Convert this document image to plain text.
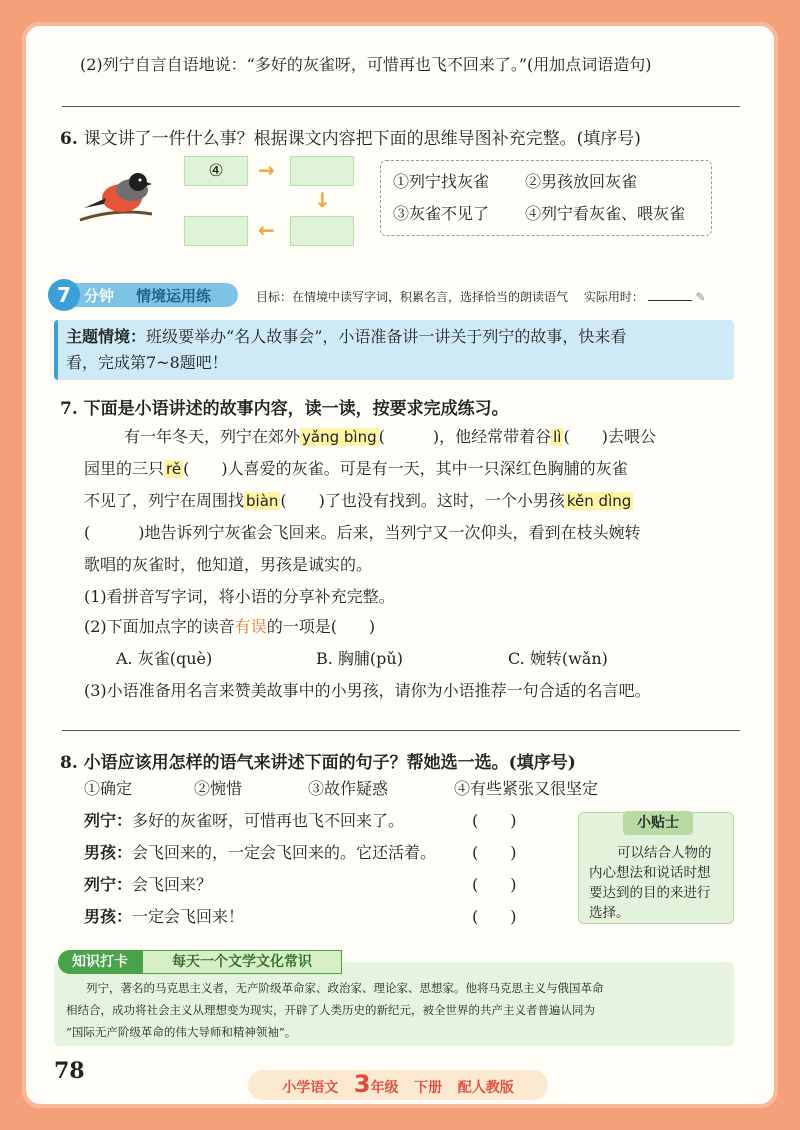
(2)列宁自言自语地说：“多好的灰雀呀，可惜再也飞不回来了。”(用加点词语造句)
6. 课文讲了一件什么事？根据课文内容把下面的思维导图补充完整。(填序号)
④	→
↓
←
①列宁找灰雀 ②男孩放回灰雀
③灰雀不见了 ④列宁看灰雀、喂灰雀
7 分钟 情境运用练	目标：在情境中读写字词，积累名言，选择恰当的朗读语气 实际用时：	✎
主题情境：班级要举办“名人故事会”，小语准备讲一讲关于列宁的故事，快来看
看，完成第7~8题吧！
7. 下面是小语讲述的故事内容，读一读，按要求完成练习。
有一年冬天，列宁在郊外 yǎng bìng (　　　)，他经常带着谷 lì (　　)去喂公
园里的三只 rě (　　)人喜爱的灰雀。可是有一天，其中一只深红色胸脯的灰雀
不见了，列宁在周围找 biàn (　　)了也没有找到。这时，一个小男孩 kěn dìng
(　　　)地告诉列宁灰雀会飞回来。后来，当列宁又一次仰头，看到在枝头婉转
歌唱的灰雀时，他知道，男孩是诚实的。
(1)看拼音写字词，将小语的分享补充完整。
(2)下面加点字的读音有误的一项是(　　)
A. 灰雀(què)	B. 胸脯(pǔ)	C. 婉转(wǎn)
(3)小语准备用名言来赞美故事中的小男孩，请你为小语推荐一句合适的名言吧。
8. 小语应该用怎样的语气来讲述下面的句子？帮她选一选。(填序号)
①确定	②惋惜	③故作疑惑	④有些紧张又很坚定
列宁：多好的灰雀呀，可惜再也飞不回来了。	(　　)
男孩：会飞回来的，一定会飞回来的。它还活着。 (　　)
列宁：会飞回来？	(　　)
男孩：一定会飞回来！	(　　)
小贴士
可以结合人物的
内心想法和说话时想
要达到的目的来进行
选择。
列宁，著名的马克思主义者，无产阶级革命家、政治家、理论家、思想家。他将马克思主义与俄国革命
相结合，成功将社会主义从理想变为现实，开辟了人类历史的新纪元，被全世界的共产主义者普遍认同为
“国际无产阶级革命的伟大导师和精神领袖”。
知识打卡	每天一个文学文化常识
78
小学语文 3年级 下册 配人教版
